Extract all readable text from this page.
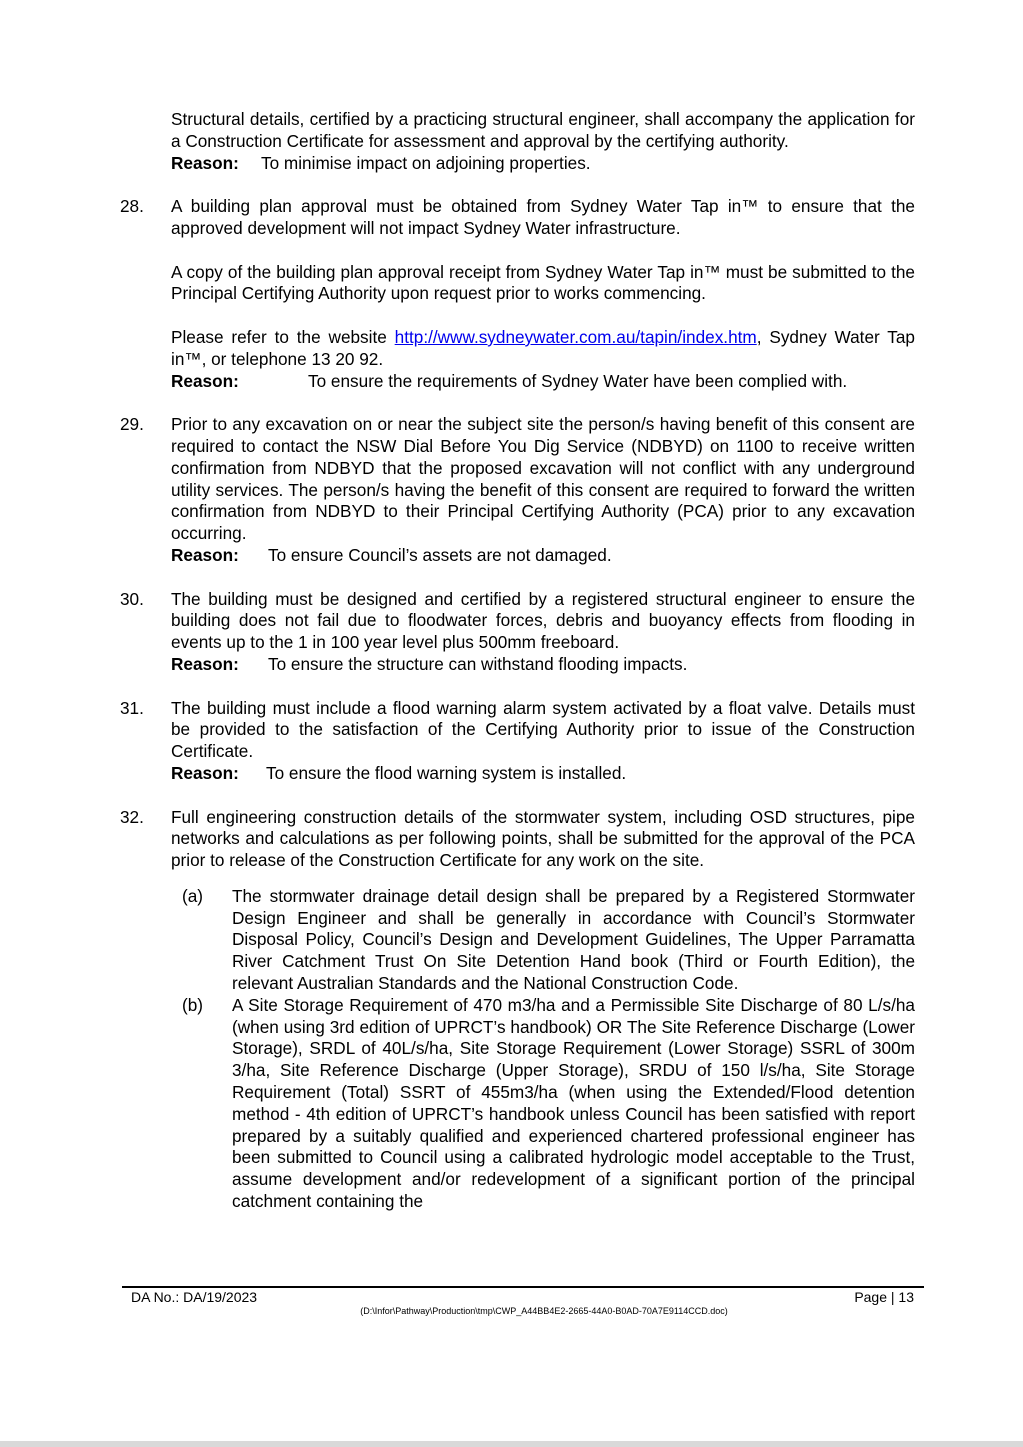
Structural details, certified by a practicing structural engineer, shall accompany the application for a Construction Certificate for assessment and approval by the certifying authority.

Reason:	To minimise impact on adjoining properties.
28.	A building plan approval must be obtained from Sydney Water Tap in™ to ensure that the approved development will not impact Sydney Water infrastructure.
A copy of the building plan approval receipt from Sydney Water Tap in™ must be submitted to the Principal Certifying Authority upon request prior to works commencing.
Please refer to the website http://www.sydneywater.com.au/tapin/index.htm, Sydney Water Tap in™, or telephone 13 20 92.
Reason:	To ensure the requirements of Sydney Water have been complied with.
29.	Prior to any excavation on or near the subject site the person/s having benefit of this consent are required to contact the NSW Dial Before You Dig Service (NDBYD) on 1100 to receive written confirmation from NDBYD that the proposed excavation will not conflict with any underground utility services. The person/s having the benefit of this consent are required to forward the written confirmation from NDBYD to their Principal Certifying Authority (PCA) prior to any excavation occurring.
Reason:	To ensure Council’s assets are not damaged.
30.	The building must be designed and certified by a registered structural engineer to ensure the building does not fail due to floodwater forces, debris and buoyancy effects from flooding in events up to the 1 in 100 year level plus 500mm freeboard.
Reason:	To ensure the structure can withstand flooding impacts.
31.	The building must include a flood warning alarm system activated by a float valve. Details must be provided to the satisfaction of the Certifying Authority prior to issue of the Construction Certificate.
Reason:	To ensure the flood warning system is installed.
32.	Full engineering construction details of the stormwater system, including OSD structures, pipe networks and calculations as per following points, shall be submitted for the approval of the PCA prior to release of the Construction Certificate for any work on the site.
(a)	The stormwater drainage detail design shall be prepared by a Registered Stormwater Design Engineer and shall be generally in accordance with Council’s Stormwater Disposal Policy, Council’s Design and Development Guidelines, The Upper Parramatta River Catchment Trust On Site Detention Hand book (Third or Fourth Edition), the relevant Australian Standards and the National Construction Code.
(b)	A Site Storage Requirement of 470 m3/ha and a Permissible Site Discharge of 80 L/s/ha (when using 3rd edition of UPRCT’s handbook) OR The Site Reference Discharge (Lower Storage), SRDL of 40L/s/ha, Site Storage Requirement (Lower Storage) SSRL of 300m 3/ha, Site Reference Discharge (Upper Storage), SRDU of 150 l/s/ha, Site Storage Requirement (Total) SSRT of 455m3/ha (when using the Extended/Flood detention method - 4th edition of UPRCT’s handbook unless Council has been satisfied with report prepared by a suitably qualified and experienced chartered professional engineer has been submitted to Council using a calibrated hydrologic model acceptable to the Trust, assume development and/or redevelopment of a significant portion of the principal catchment containing the
DA No.: DA/19/2023	Page | 13
(D:\Infor\Pathway\Production\tmp\CWP_A44BB4E2-2665-44A0-B0AD-70A7E9114CCD.doc)
